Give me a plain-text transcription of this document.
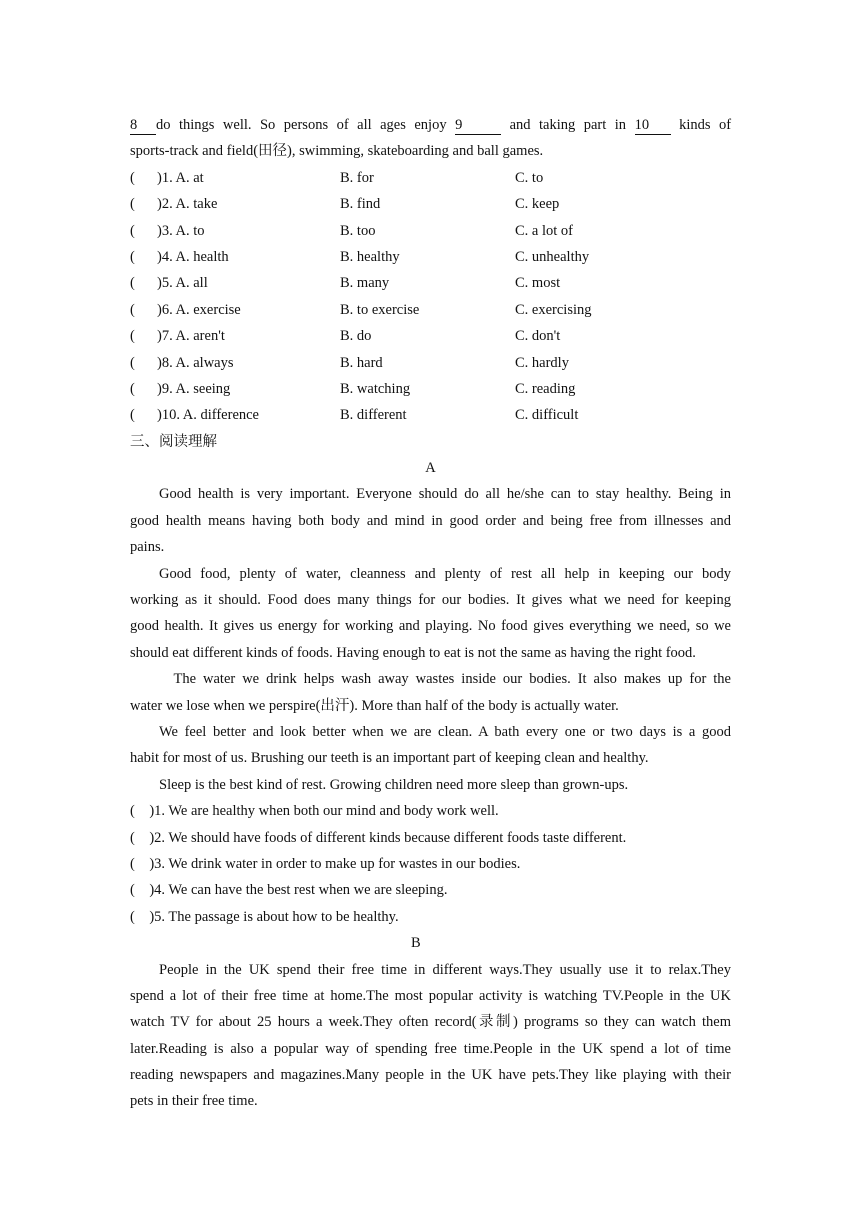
8 do things well. So persons of all ages enjoy 9	and taking part in 10 kinds of
sports-track and field(田径), swimming, skateboarding and ball games.
( )1. A. at	B. for	C. to
( )2. A. take	B. find	C. keep
( )3. A. to	B. too	C. a lot of
( )4. A. health	B. healthy	C. unhealthy
( )5. A. all	B. many	C. most
( )6. A. exercise	B. to exercise	C. exercising
( )7. A. aren't	B. do	C. don't
( )8. A. always	B. hard	C. hardly
( )9. A. seeing	B. watching	C. reading
( )10. A. difference	B. different	C. difficult
三、阅读理解
A
Good health is very important. Everyone should do all he/she can to stay healthy. Being in
good health means having both body and mind in good order and being free from illnesses and
pains.
Good food, plenty of water, cleanness and plenty of rest all help in keeping our body
working as it should. Food does many things for our bodies. It gives what we need for keeping
good health. It gives us energy for working and playing. No food gives everything we need, so we
should eat different kinds of foods. Having enough to eat is not the same as having the right food.
The water we drink helps wash away wastes inside our bodies. It also makes up for the
water we lose when we perspire(出汗). More than half of the body is actually water.
We feel better and look better when we are clean. A bath every one or two days is a good
habit for most of us. Brushing our teeth is an important part of keeping clean and healthy.
Sleep is the best kind of rest. Growing children need more sleep than grown-ups.
(    )1. We are healthy when both our mind and body work well.
(    )2. We should have foods of different kinds because different foods taste different.
(    )3. We drink water in order to make up for wastes in our bodies.
(    )4. We can have the best rest when we are sleeping.
(    )5. The passage is about how to be healthy.
B
People in the UK spend their free time in different ways.They usually use it to relax.They
spend a lot of their free time at home.The most popular activity is watching TV.People in the UK
watch TV for about 25 hours a week.They often record(录制) programs so they can watch them
later.Reading is also a popular way of spending free time.People in the UK spend a lot of time
reading newspapers and magazines.Many people in the UK have pets.They like playing with their
pets in their free time.
